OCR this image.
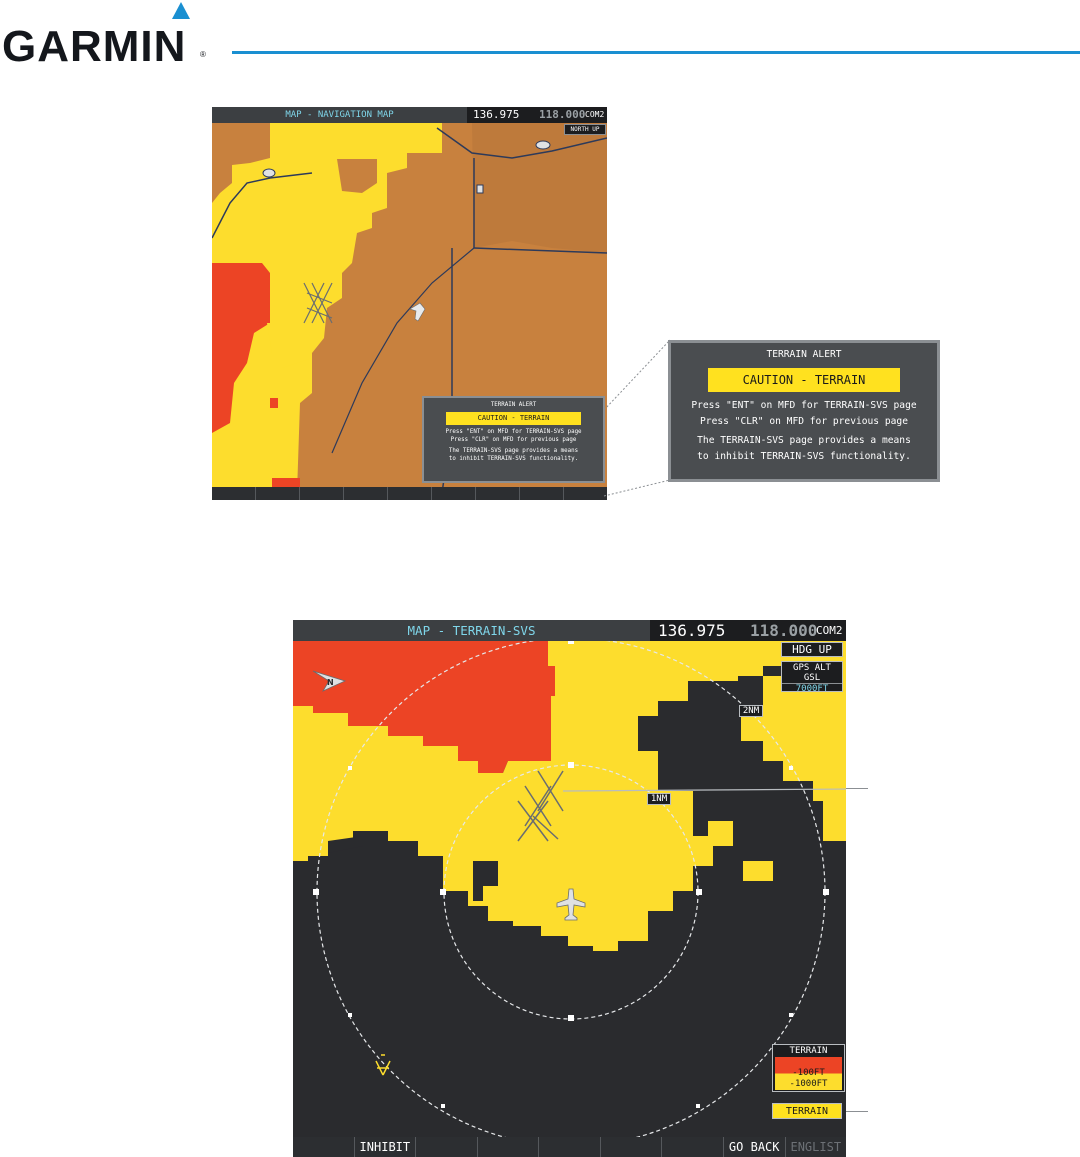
GARMIN ®
MAP - NAVIGATION MAP	136.975 118.000 COM2
NORTH UP
TERRAIN ALERT
CAUTION - TERRAIN
Press "ENT" on MFD for TERRAIN-SVS page
Press "CLR" on MFD for previous page
The TERRAIN-SVS page provides a means
to inhibit TERRAIN-SVS functionality.
TERRAIN ALERT
CAUTION - TERRAIN
Press "ENT" on MFD for TERRAIN-SVS page
Press "CLR" on MFD for previous page
The TERRAIN-SVS page provides a means
to inhibit TERRAIN-SVS functionality.
MAP - TERRAIN-SVS	136.975 118.000
COM2
N
2NM
1NM
HDG UP
GPS ALT
GSL
7000FT
TERRAIN
-100FT
-1000FT
TERRAIN
INHIBIT	GO BACK ENGLIST
